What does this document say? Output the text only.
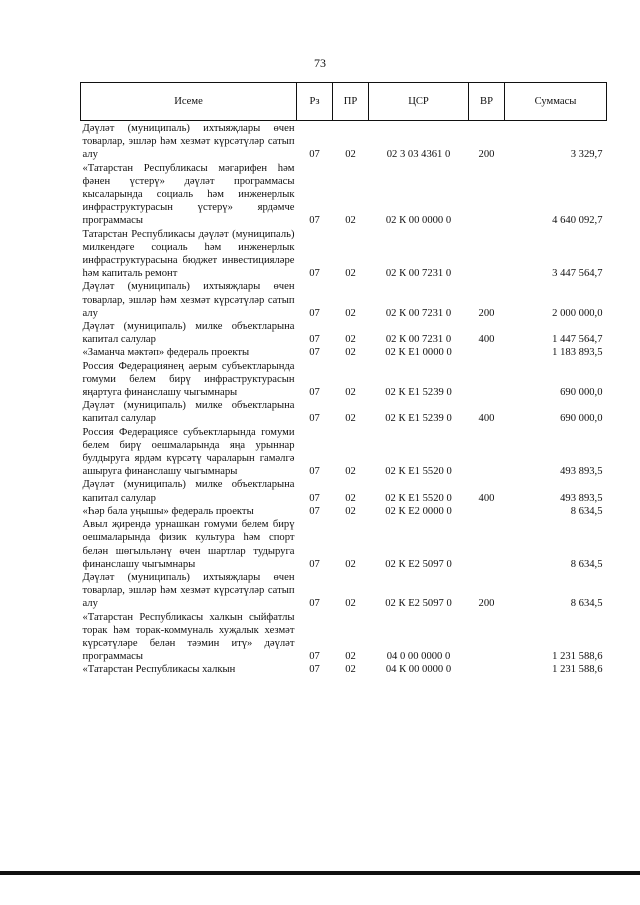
73
Исеме	Рз	ПР	ЦСР	ВР	Суммасы
Дәүләт (муниципаль) ихтыяҗлары өчен товарлар, эшләр һәм хезмәт күрсәтүләр сатып алу	07	02	02 3 03 4361 0	200	3 329,7
«Татарстан Республикасы мәгарифен һәм фәнен үстерү» дәүләт программасы кысаларында социаль һәм инженерлык инфраструктурасын үстерү» ярдәмче программасы	07	02	02 К 00 0000 0		4 640 092,7
Татарстан Республикасы дәүләт (муниципаль) милкендәге социаль һәм инженерлык инфраструктурасына бюджет инвестицияләре һәм капиталь ремонт	07	02	02 К 00 7231 0		3 447 564,7
Дәүләт (муниципаль) ихтыяҗлары өчен товарлар, эшләр һәм хезмәт күрсәтүләр сатып алу	07	02	02 К 00 7231 0	200	2 000 000,0
Дәүләт (муниципаль) милке объектларына капитал салулар	07	02	02 К 00 7231 0	400	1 447 564,7
«Заманча мәктәп» федераль проекты	07	02	02 К Е1 0000 0		1 183 893,5
Россия Федерациянең аерым субъектларында гомуми белем бирү инфраструктурасын яңартуга финанслашу чыгымнары	07	02	02 К Е1 5239 0		690 000,0
Дәүләт (муниципаль) милке объектларына капитал салулар	07	02	02 К Е1 5239 0	400	690 000,0
Россия Федерациясе субъектларында гомуми белем бирү оешмаларында яңа урыннар булдыруга ярдәм күрсәтү чараларын гамәлгә ашыруга финанслашу чыгымнары	07	02	02 К Е1 5520 0		493 893,5
Дәүләт (муниципаль) милке объектларына капитал салулар	07	02	02 К Е1 5520 0	400	493 893,5
«Һәр бала уңышы» федераль проекты	07	02	02 К Е2 0000 0		8 634,5
Авыл җирендә урнашкан гомуми белем бирү оешмаларында физик культура һәм спорт белән шөгыльләнү өчен шартлар тудыруга финанслашу чыгымнары	07	02	02 К Е2 5097 0		8 634,5
Дәүләт (муниципаль) ихтыяҗлары өчен товарлар, эшләр һәм хезмәт күрсәтүләр сатып алу	07	02	02 К Е2 5097 0	200	8 634,5
«Татарстан Республикасы халкын сыйфатлы торак һәм торак-коммуналь хуҗалык хезмәт күрсәтүләре белән тәэмин итү» дәүләт программасы	07	02	04 0 00 0000 0		1 231 588,6
«Татарстан Республикасы халкын	07	02	04 К 00 0000 0		1 231 588,6
